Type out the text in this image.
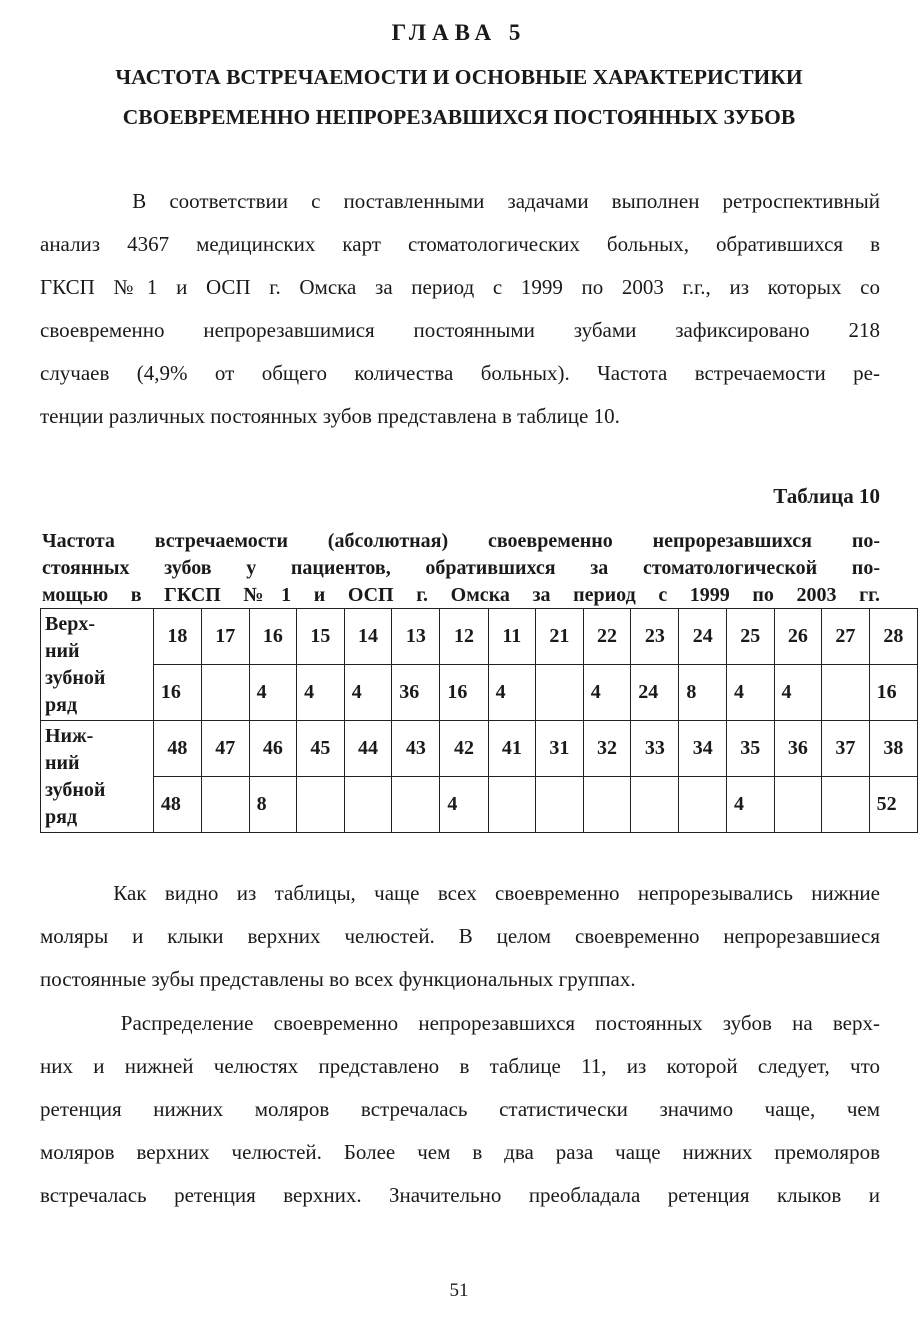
ГЛАВА 5
ЧАСТОТА ВСТРЕЧАЕМОСТИ И ОСНОВНЫЕ ХАРАКТЕРИСТИКИ
СВОЕВРЕМЕННО НЕПРОРЕЗАВШИХСЯ ПОСТОЯННЫХ ЗУБОВ
В соответствии с поставленными задачами выполнен ретроспективный
анализ 4367 медицинских карт стоматологических больных, обратившихся в
ГКСП №1 и ОСП г. Омска за период с 1999 по 2003 г.г., из которых со
своевременно непрорезавшимися постоянными зубами зафиксировано 218
случаев (4,9% от общего количества больных). Частота встречаемости ре-
тенции различных постоянных зубов представлена в таблице 10.
Таблица 10
Частота встречаемости (абсолютная) своевременно непрорезавшихся по-
стоянных зубов у пациентов, обратившихся за стоматологической по-
мощью в ГКСП №1 и ОСП г. Омска за период с 1999 по 2003 гг.
Верх-
ний
зубной
ряд	18	17	16	15	14	13	12	11	21	22	23	24	25	26	27	28
	16		4	4	4	36	16	4		4	24	8	4	4		16

Ниж-
ний
зубной
ряд	48	47	46	45	44	43	42	41	31	32	33	34	35	36	37	38
	48		8				4						4			52
Как видно из таблицы, чаще всех своевременно непрорезывались нижние
моляры и клыки верхних челюстей. В целом своевременно непрорезавшиеся
постоянные зубы представлены во всех функциональных группах.
Распределение своевременно непрорезавшихся постоянных зубов на верх-
них и нижней челюстях представлено в таблице 11, из которой следует, что
ретенция нижних моляров встречалась статистически значимо чаще, чем
моляров верхних челюстей. Более чем в два раза чаще нижних премоляров
встречалась ретенция верхних. Значительно преобладала ретенция клыков и
51
